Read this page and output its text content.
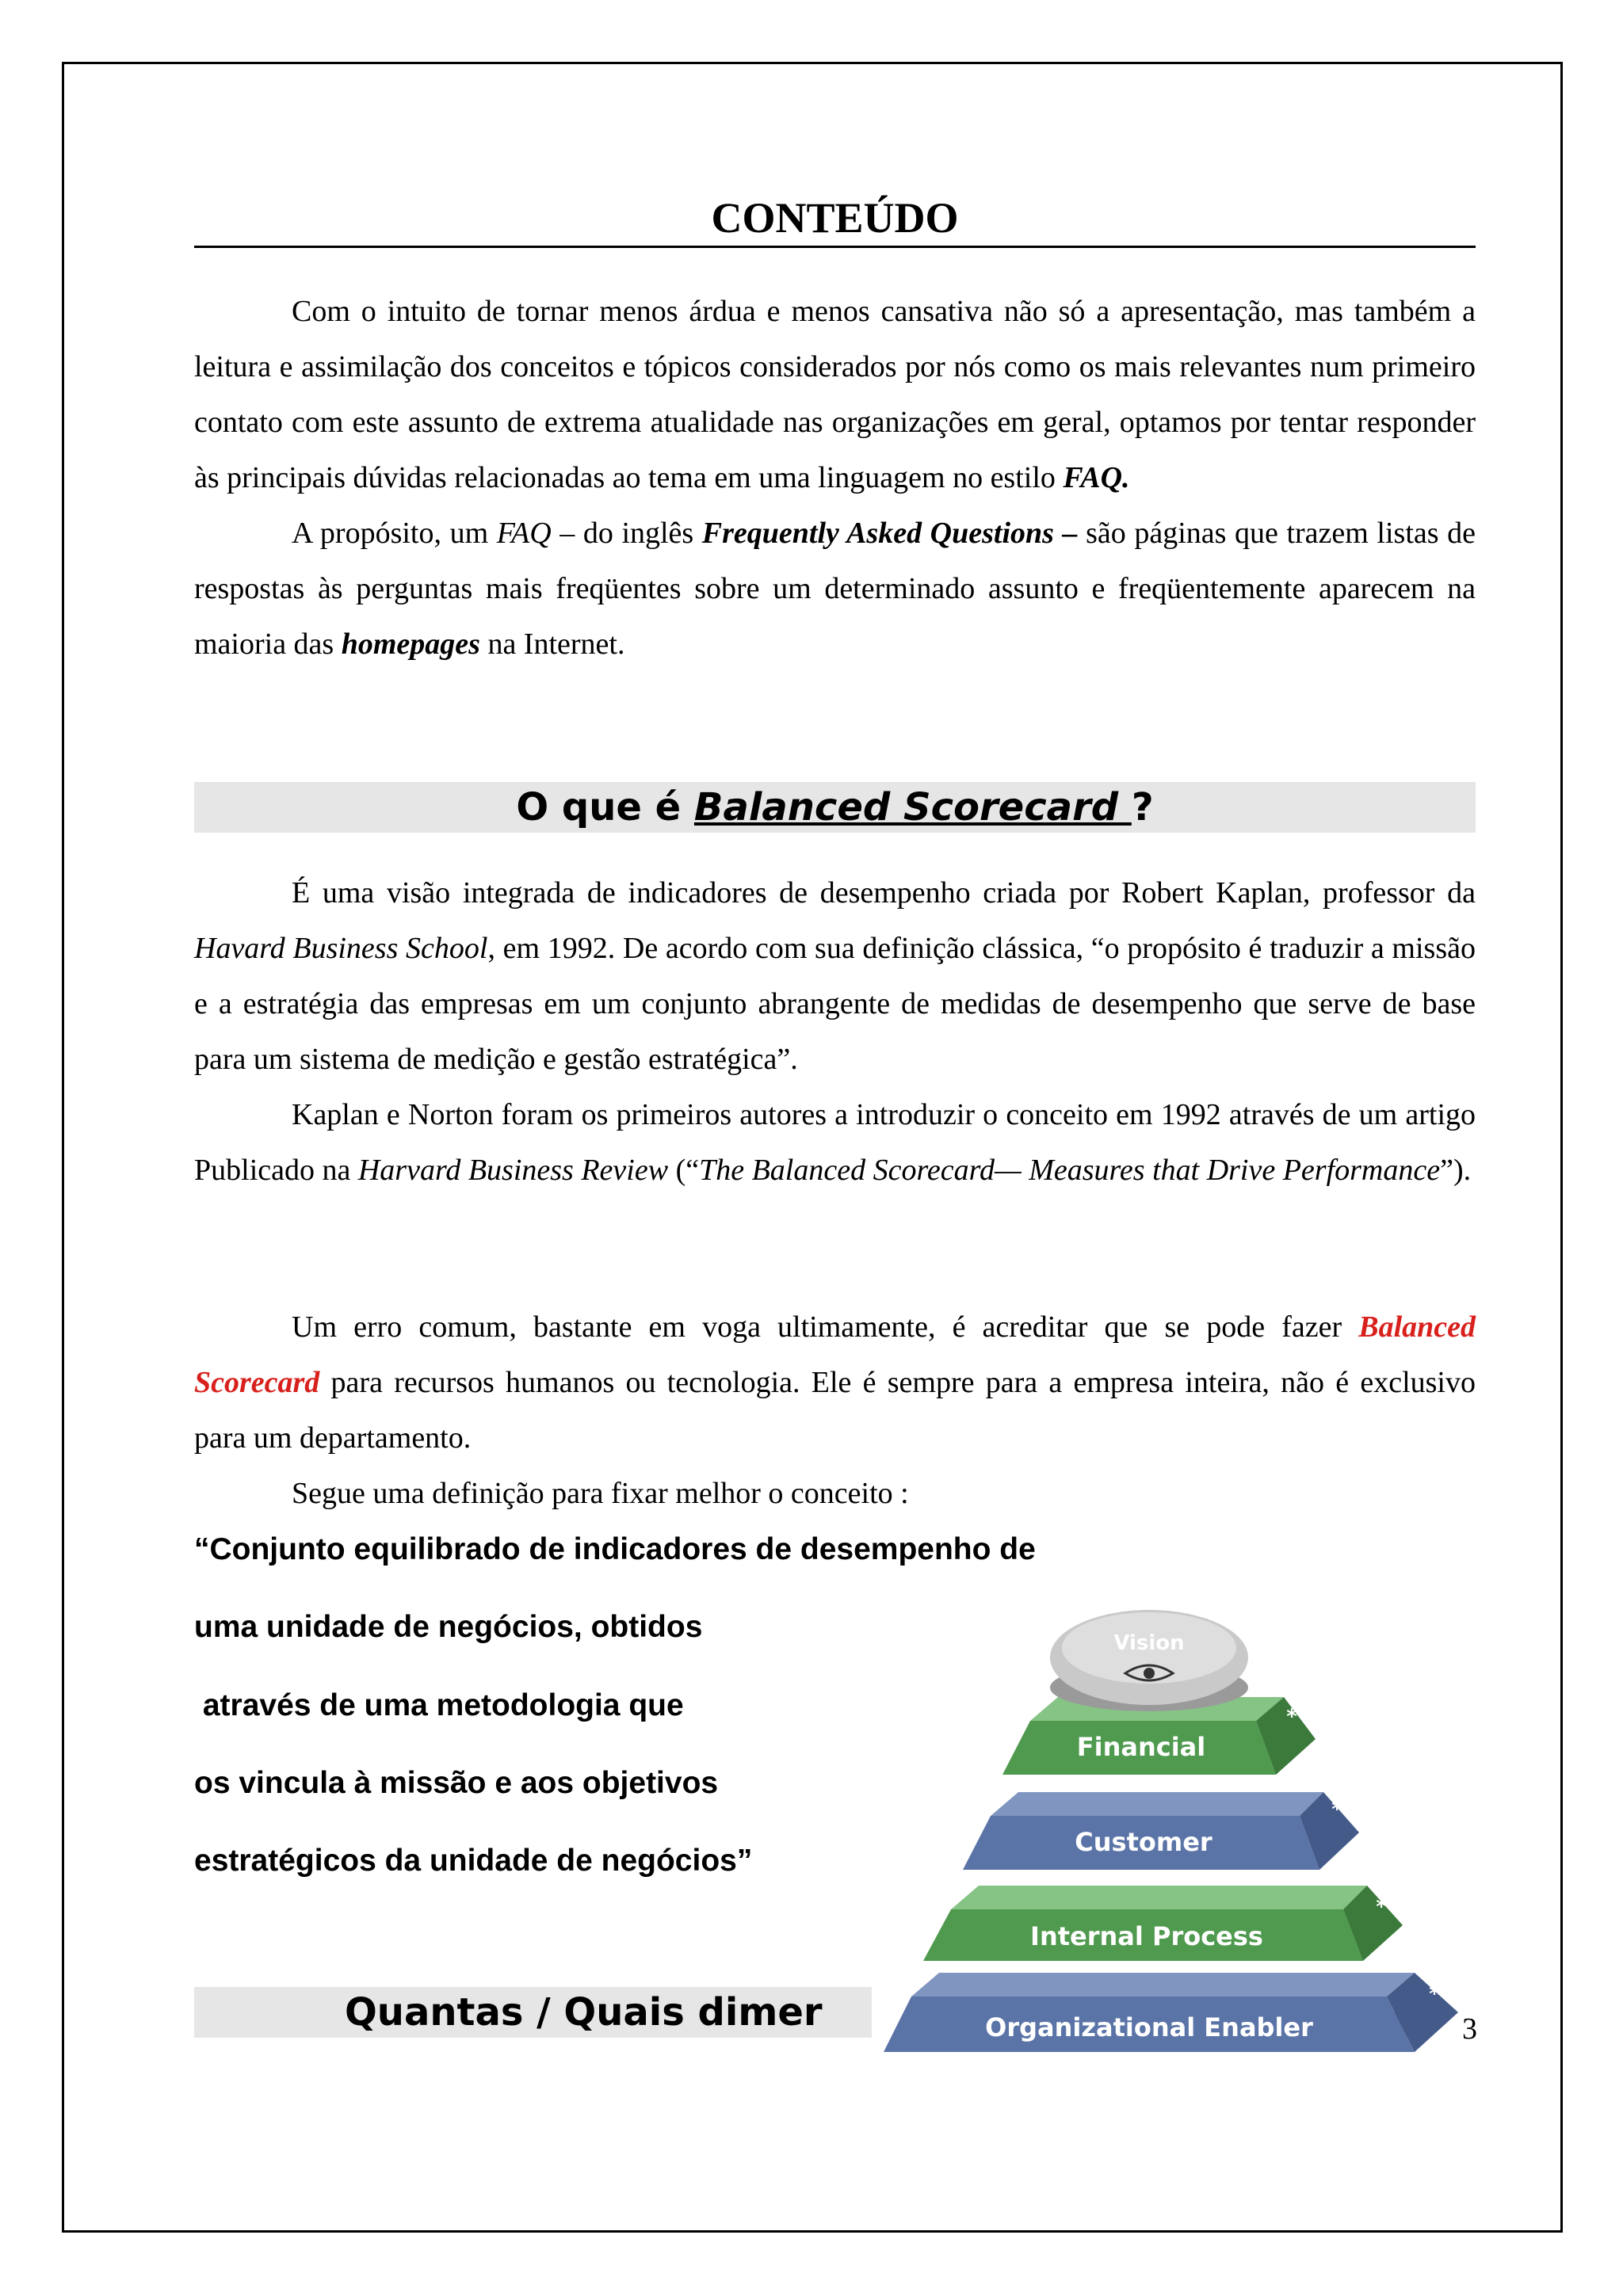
CONTEÚDO

Com o intuito de tornar menos árdua e menos cansativa não só a apresentação, mas também a leitura e assimilação dos conceitos e tópicos considerados por nós como os mais relevantes num primeiro contato com este assunto de extrema atualidade nas organizações em geral, optamos por tentar responder às principais dúvidas relacionadas ao tema em uma linguagem no estilo FAQ.

A propósito, um FAQ – do inglês Frequently Asked Questions – são páginas que trazem listas de respostas às perguntas mais freqüentes sobre um determinado assunto e freqüentemente aparecem na maioria das homepages na Internet.

O que é Balanced Scorecard ?

É uma visão integrada de indicadores de desempenho criada por Robert Kaplan, professor da Havard Business School, em 1992. De acordo com sua definição clássica, “o propósito é traduzir a missão e a estratégia das empresas em um conjunto abrangente de medidas de desempenho que serve de base para um sistema de medição e gestão estratégica”.

Kaplan e Norton foram os primeiros autores a introduzir o conceito em 1992 através de um artigo Publicado na Harvard Business Review (“The Balanced Scorecard— Measures that Drive Performance”).

Um erro comum, bastante em voga ultimamente, é acreditar que se pode fazer Balanced Scorecard para recursos humanos ou tecnologia. Ele é sempre para a empresa inteira, não é exclusivo para um departamento.

Segue uma definição para fixar melhor o conceito :

“Conjunto equilibrado de indicadores de desempenho de
uma unidade de negócios, obtidos
através de uma metodologia que
os vincula à missão e aos objetivos
estratégicos da unidade de negócios”
Quantas / Quais dimer	Organizational Enabler
*
Internal Process
*
Customer
*
Financial
*
Vision
3
